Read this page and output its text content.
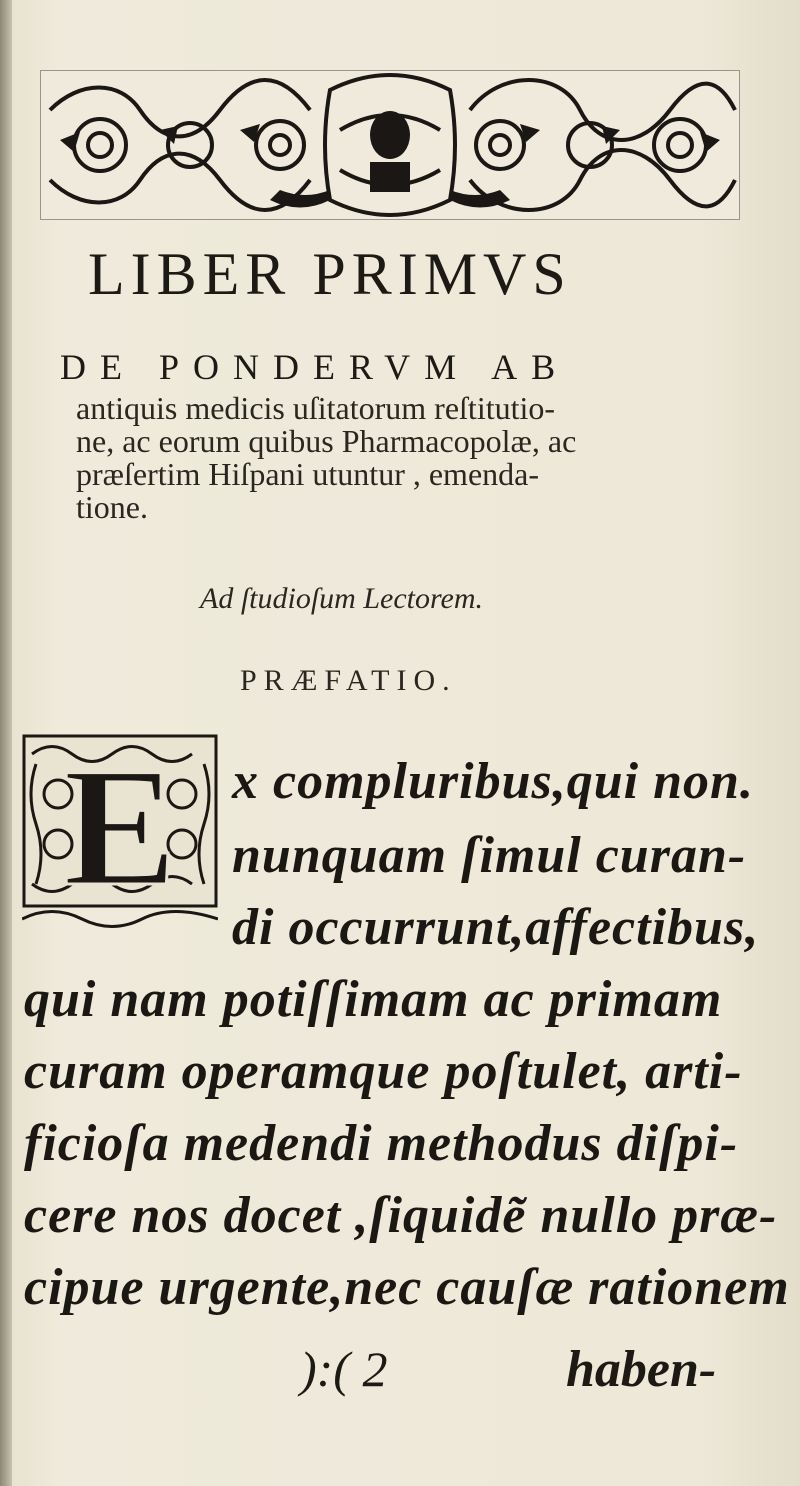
LIBER PRIMVS
DE PONDERVM AB
antiquis medicis uſitatorum reſtitutio-
ne, ac eorum quibus Pharmacopolæ, ac
præſertim Hiſpani utuntur , emenda-
tione.
Ad ſtudioſum Lectorem.
PRÆFATIO.
E x compluribus,qui non.
nunquam ſimul curan-
di occurrunt,affectibus,
qui nam potiſſimam ac primam
curam operamque poſtulet, arti-
ficioſa medendi methodus diſpi-
cere nos docet ,ſiquidẽ nullo præ-
cipue urgente,nec cauſæ rationem
):( 2	haben-
